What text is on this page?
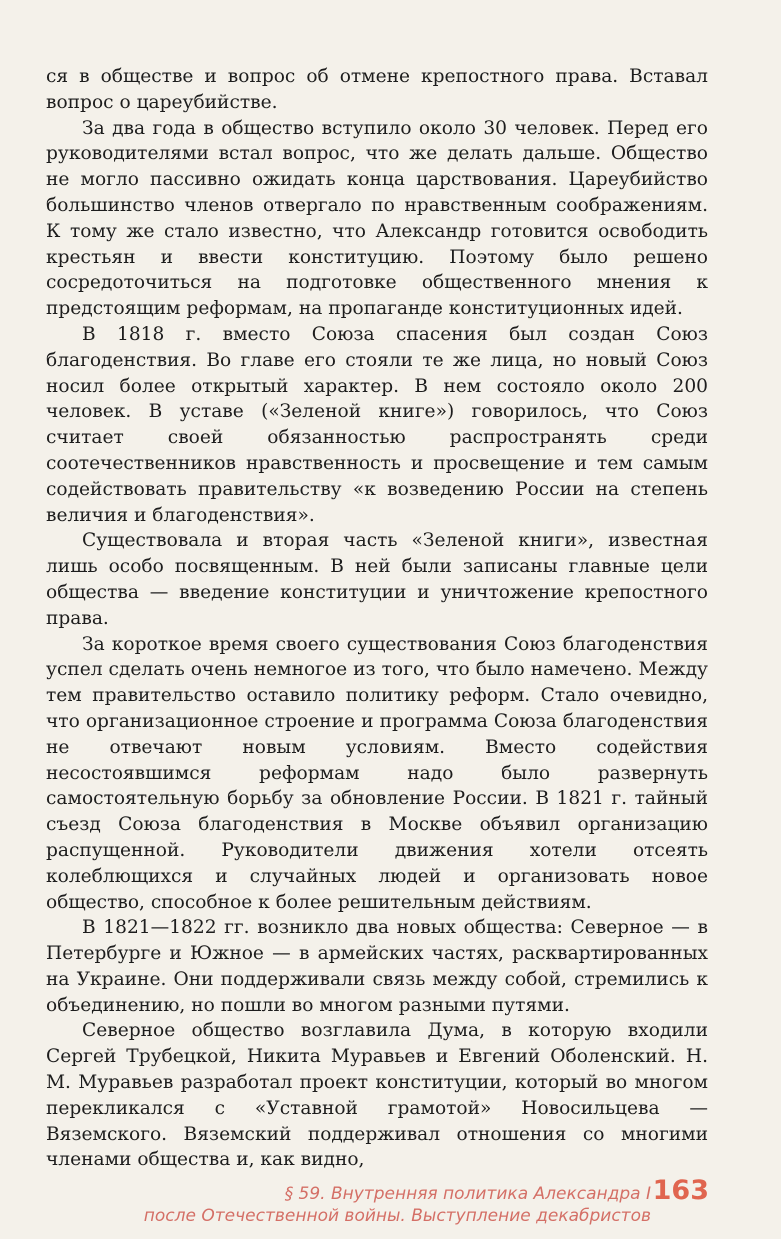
ся в обществе и вопрос об отмене крепостного права. Вставал вопрос о цареубийстве.

За два года в общество вступило около 30 человек. Перед его руководителями встал вопрос, что же делать дальше. Общество не могло пассивно ожидать конца царствования. Цареубийство большинство членов отвергало по нравственным соображениям. К тому же стало известно, что Александр готовится освободить крестьян и ввести конституцию. Поэтому было решено сосредоточиться на подготовке общественного мнения к предстоящим реформам, на пропаганде конституционных идей.

В 1818 г. вместо Союза спасения был создан Союз благоденствия. Во главе его стояли те же лица, но новый Союз носил более открытый характер. В нем состояло около 200 человек. В уставе («Зеленой книге») говорилось, что Союз считает своей обязанностью распространять среди соотечественников нравственность и просвещение и тем самым содействовать правительству «к возведению России на степень величия и благоденствия».

Существовала и вторая часть «Зеленой книги», известная лишь особо посвященным. В ней были записаны главные цели общества — введение конституции и уничтожение крепостного права.

За короткое время своего существования Союз благоденствия успел сделать очень немногое из того, что было намечено. Между тем правительство оставило политику реформ. Стало очевидно, что организационное строение и программа Союза благоденствия не отвечают новым условиям. Вместо содействия несостоявшимся реформам надо было развернуть самостоятельную борьбу за обновление России. В 1821 г. тайный съезд Союза благоденствия в Москве объявил организацию распущенной. Руководители движения хотели отсеять колеблющихся и случайных людей и организовать новое общество, способное к более решительным действиям.

В 1821—1822 гг. возникло два новых общества: Северное — в Петербурге и Южное — в армейских частях, расквартированных на Украине. Они поддерживали связь между собой, стремились к объединению, но пошли во многом разными путями.

Северное общество возглавила Дума, в которую входили Сергей Трубецкой, Никита Муравьев и Евгений Оболенский. Н. М. Муравьев разработал проект конституции, который во многом перекликался с «Уставной грамотой» Новосильцева — Вяземского. Вяземский поддерживал отношения со многими членами общества и, как видно,

§ 59. Внутренняя политика Александра I
после Отечественной войны. Выступление декабристов
163
